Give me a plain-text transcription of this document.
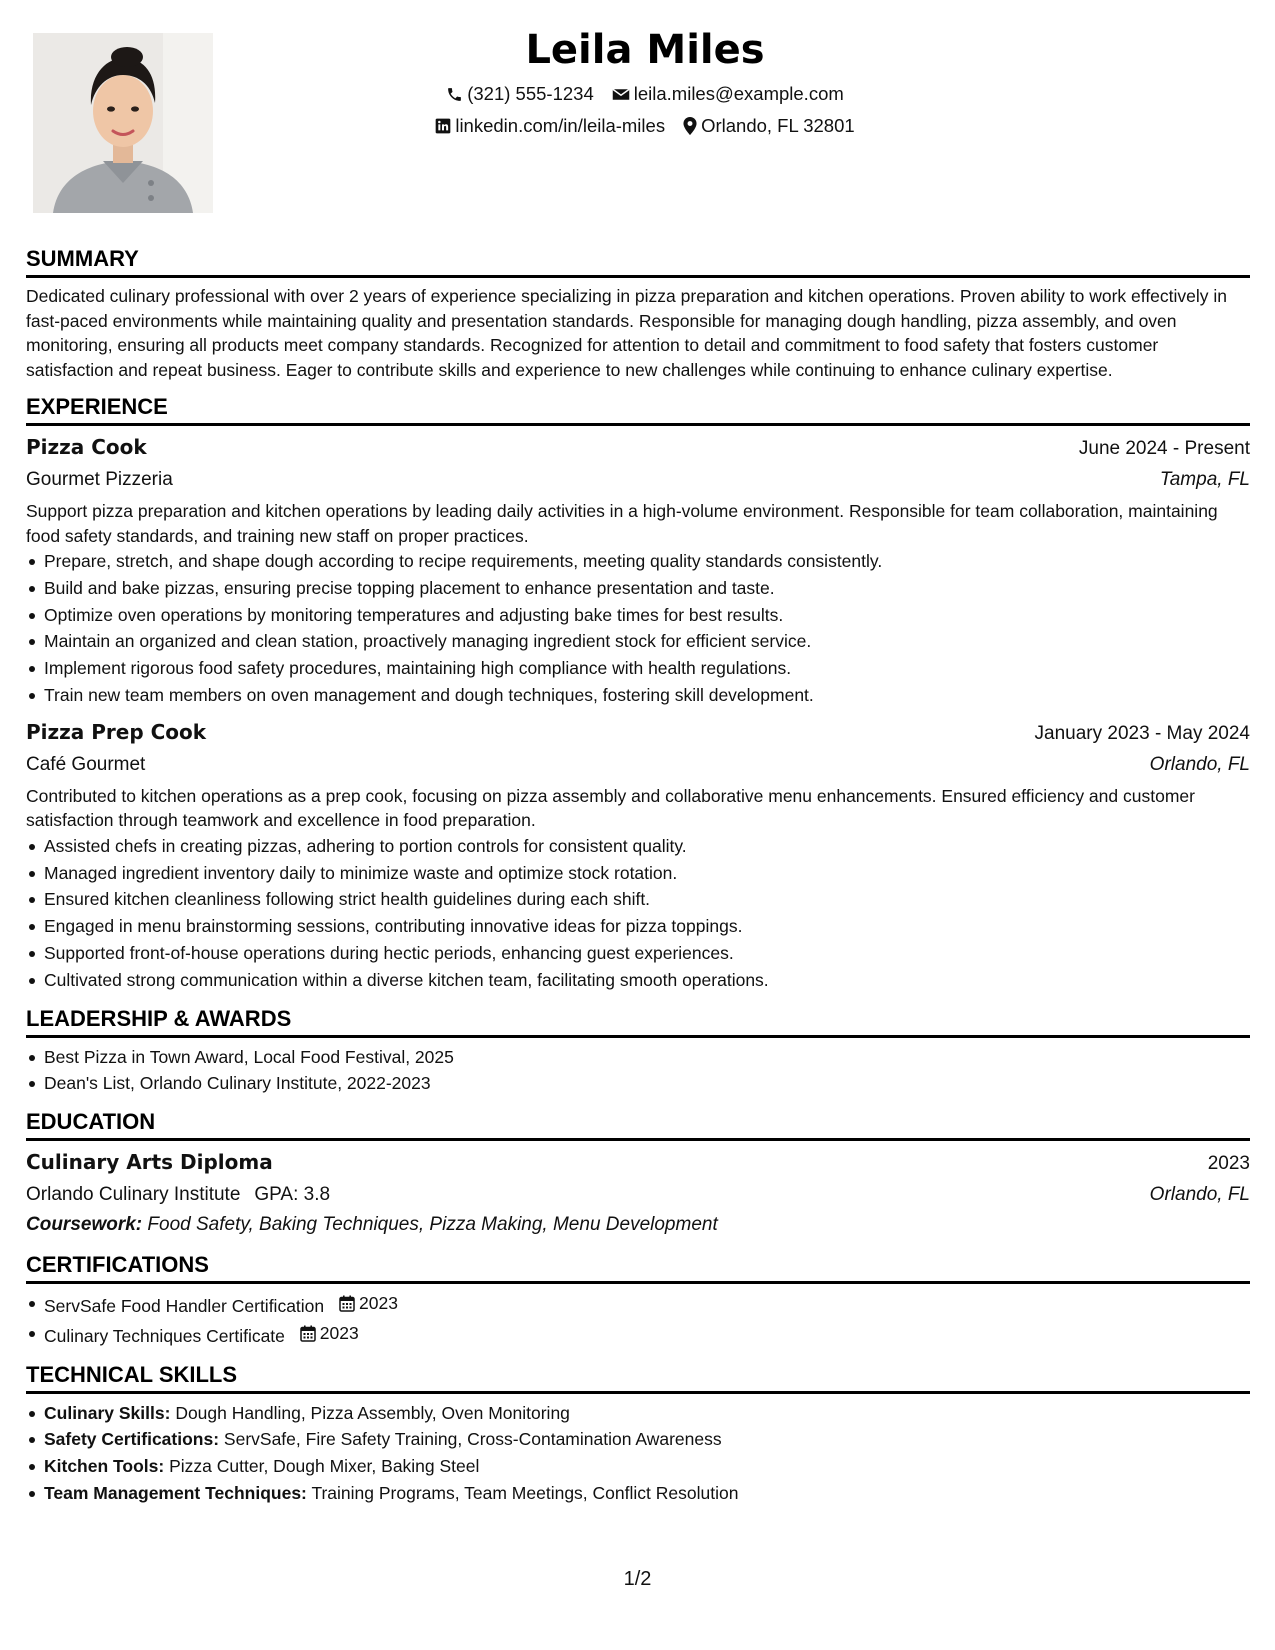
Leila Miles
(321) 555-1234 leila.miles@example.com
linkedin.com/in/leila-miles Orlando, FL 32801
SUMMARY
Dedicated culinary professional with over 2 years of experience specializing in pizza preparation and kitchen operations. Proven ability to work effectively in fast-paced environments while maintaining quality and presentation standards. Responsible for managing dough handling, pizza assembly, and oven monitoring, ensuring all products meet company standards. Recognized for attention to detail and commitment to food safety that fosters customer satisfaction and repeat business. Eager to contribute skills and experience to new challenges while continuing to enhance culinary expertise.
EXPERIENCE
Pizza Cook	June 2024 - Present
Gourmet Pizzeria	Tampa, FL
Support pizza preparation and kitchen operations by leading daily activities in a high-volume environment. Responsible for team collaboration, maintaining food safety standards, and training new staff on proper practices.
Prepare, stretch, and shape dough according to recipe requirements, meeting quality standards consistently.
Build and bake pizzas, ensuring precise topping placement to enhance presentation and taste.
Optimize oven operations by monitoring temperatures and adjusting bake times for best results.
Maintain an organized and clean station, proactively managing ingredient stock for efficient service.
Implement rigorous food safety procedures, maintaining high compliance with health regulations.
Train new team members on oven management and dough techniques, fostering skill development.
Pizza Prep Cook	January 2023 - May 2024
Café Gourmet	Orlando, FL
Contributed to kitchen operations as a prep cook, focusing on pizza assembly and collaborative menu enhancements. Ensured efficiency and customer satisfaction through teamwork and excellence in food preparation.
Assisted chefs in creating pizzas, adhering to portion controls for consistent quality.
Managed ingredient inventory daily to minimize waste and optimize stock rotation.
Ensured kitchen cleanliness following strict health guidelines during each shift.
Engaged in menu brainstorming sessions, contributing innovative ideas for pizza toppings.
Supported front-of-house operations during hectic periods, enhancing guest experiences.
Cultivated strong communication within a diverse kitchen team, facilitating smooth operations.
LEADERSHIP & AWARDS
Best Pizza in Town Award, Local Food Festival, 2025
Dean's List, Orlando Culinary Institute, 2022-2023
EDUCATION
Culinary Arts Diploma	2023
Orlando Culinary Institute GPA: 3.8	Orlando, FL
Coursework: Food Safety, Baking Techniques, Pizza Making, Menu Development
CERTIFICATIONS
ServSafe Food Handler Certification 2023
Culinary Techniques Certificate 2023
TECHNICAL SKILLS
Culinary Skills: Dough Handling, Pizza Assembly, Oven Monitoring
Safety Certifications: ServSafe, Fire Safety Training, Cross-Contamination Awareness
Kitchen Tools: Pizza Cutter, Dough Mixer, Baking Steel
Team Management Techniques: Training Programs, Team Meetings, Conflict Resolution
1/2
